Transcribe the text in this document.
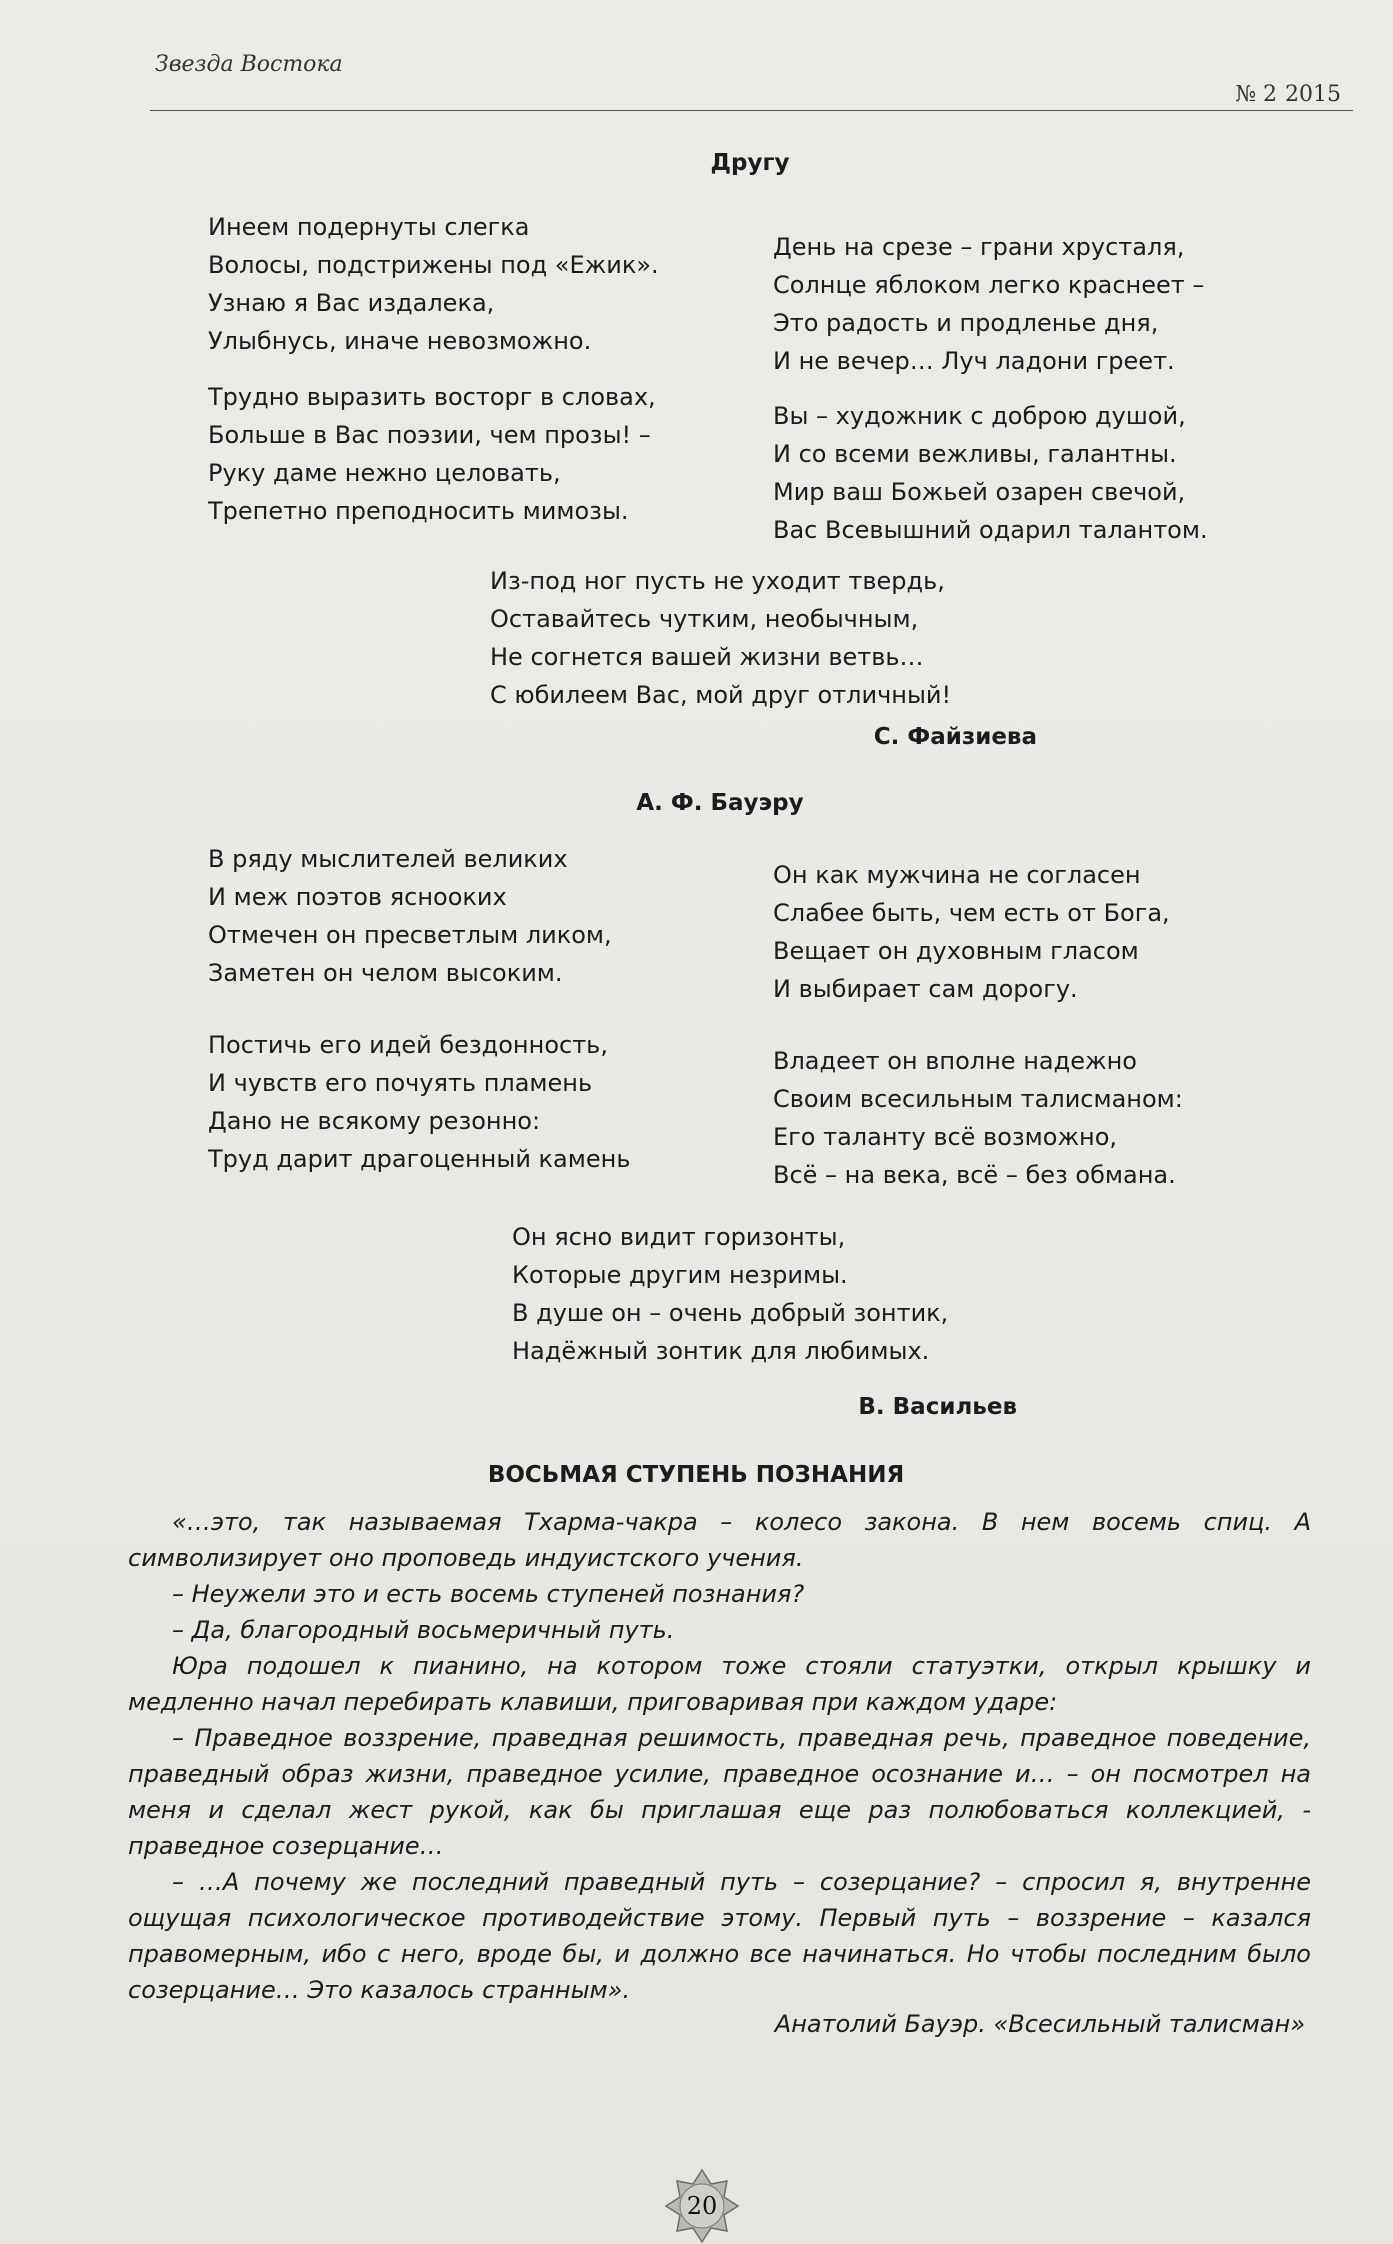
Звезда Востока
№ 2 2015
Другу
Инеем подернуты слегка
Волосы, подстрижены под «Ежик».
Узнаю я Вас издалека,
Улыбнусь, иначе невозможно.
Трудно выразить восторг в словах,
Больше в Вас поэзии, чем прозы! –
Руку даме нежно целовать,
Трепетно преподносить мимозы.
День на срезе – грани хрусталя,
Солнце яблоком легко краснеет –
Это радость и продленье дня,
И не вечер… Луч ладони греет.
Вы – художник с доброю душой,
И со всеми вежливы, галантны.
Мир ваш Божьей озарен свечой,
Вас Всевышний одарил талантом.
Из-под ног пусть не уходит твердь,
Оставайтесь чутким, необычным,
Не согнется вашей жизни ветвь…
С юбилеем Вас, мой друг отличный!
С. Файзиева
А. Ф. Бауэру
В ряду мыслителей великих
И меж поэтов яснооких
Отмечен он пресветлым ликом,
Заметен он челом высоким.
Постичь его идей бездонность,
И чувств его почуять пламень
Дано не всякому резонно:
Труд дарит драгоценный камень
Он как мужчина не согласен
Слабее быть, чем есть от Бога,
Вещает он духовным гласом
И выбирает сам дорогу.
Владеет он вполне надежно
Своим всесильным талисманом:
Его таланту всё возможно,
Всё – на века, всё – без обмана.
Он ясно видит горизонты,
Которые другим незримы.
В душе он – очень добрый зонтик,
Надёжный зонтик для любимых.
В. Васильев
ВОСЬМАЯ СТУПЕНЬ ПОЗНАНИЯ

«…это, так называемая Тхарма-чакра – колесо закона. В нем восемь спиц. А символизирует оно проповедь индуистского учения.

– Неужели это и есть восемь ступеней познания?

– Да, благородный восьмеричный путь.

Юра подошел к пианино, на котором тоже стояли статуэтки, открыл крышку и медленно начал перебирать клавиши, приговаривая при каждом ударе:

– Праведное воззрение, праведная решимость, праведная речь, праведное поведение, праведный образ жизни, праведное усилие, праведное осознание и… – он посмотрел на меня и сделал жест рукой, как бы приглашая еще раз полюбоваться коллекцией, - праведное созерцание…

– …А почему же последний праведный путь – созерцание? – спросил я, внутренне ощущая психологическое противодействие этому. Первый путь – воззрение – казался правомерным, ибо с него, вроде бы, и должно все начинаться. Но чтобы последним было созерцание… Это казалось странным».

Анатолий Бауэр. «Всесильный талисман»
20
